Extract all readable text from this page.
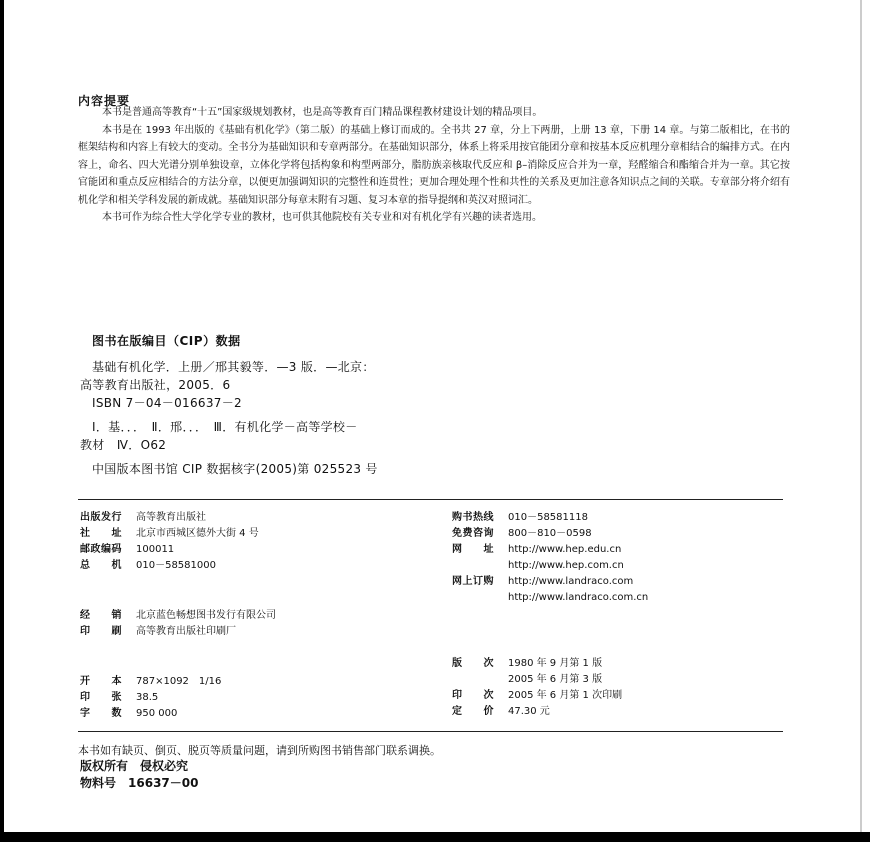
内容提要

本书是普通高等教育“十五”国家级规划教材，也是高等教育百门精品课程教材建设计划的精品项目。

本书是在 1993 年出版的《基础有机化学》（第二版）的基础上修订而成的。全书共 27 章，分上下两册，上册 13 章，下册 14 章。与第二版相比，在书的框架结构和内容上有较大的变动。全书分为基础知识和专章两部分。在基础知识部分，体系上将采用按官能团分章和按基本反应机理分章相结合的编排方式。在内容上，命名、四大光谱分别单独设章，立体化学将包括构象和构型两部分，脂肪族亲核取代反应和 β–消除反应合并为一章，羟醛缩合和酯缩合并为一章。其它按官能团和重点反应相结合的方法分章，以便更加强调知识的完整性和连贯性；更加合理处理个性和共性的关系及更加注意各知识点之间的关联。专章部分将介绍有机化学和相关学科发展的新成就。基础知识部分每章末附有习题、复习本章的指导提纲和英汉对照词汇。

本书可作为综合性大学化学专业的教材，也可供其他院校有关专业和对有机化学有兴趣的读者选用。

图书在版编目（CIP）数据
基础有机化学．上册／邢其毅等．—3 版．—北京：
高等教育出版社，2005．6
ISBN 7－04－016637－2
Ⅰ．基．．．　Ⅱ．邢．．．　Ⅲ．有机化学－高等学校－
教材　Ⅳ．O62
中国版本图书馆 CIP 数据核字(2005)第 025523 号
出版发行 高等教育出版社
社　　址 北京市西城区德外大街 4 号
邮政编码 100011
总　　机 010－58581000
经　　销 北京蓝色畅想图书发行有限公司
印　　刷 高等教育出版社印刷厂
开　　本 787×1092　1/16
印　　张 38.5
字　　数 950 000
购书热线 010－58581118
免费咨询 800－810－0598
网　　址 http://www.hep.edu.cn
http://www.hep.com.cn
网上订购 http://www.landraco.com
http://www.landraco.com.cn
版　　次 1980 年 9 月第 1 版
2005 年 6 月第 3 版
印　　次 2005 年 6 月第 1 次印刷
定　　价 47.30 元
本书如有缺页、倒页、脱页等质量问题，请到所购图书销售部门联系调换。
版权所有　侵权必究
物料号 16637－00
